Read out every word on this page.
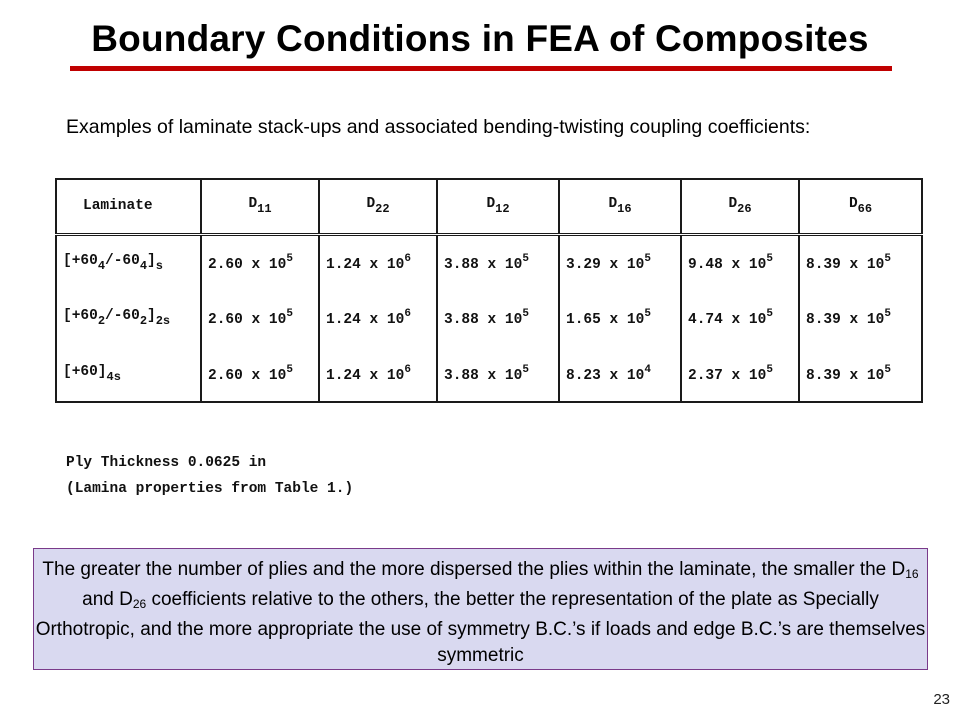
Boundary Conditions in FEA of Composites
Examples of laminate stack-ups and associated bending-twisting coupling coefficients:
Laminate	$D_{11}$	$D_{22}$	$D_{12}$	$D_{16}$	$D_{26}$	$D_{66}$
$[+60_4/-60_4]_s$	2.60 x $10^5$	1.24 x $10^6$	3.88 x $10^5$	3.29 x $10^5$	9.48 x $10^5$	8.39 x $10^5$
$[+60_2/-60_2]_{2s}$	2.60 x $10^5$	1.24 x $10^6$	3.88 x $10^5$	1.65 x $10^5$	4.74 x $10^5$	8.39 x $10^5$
$[+60]_{4s}$	2.60 x $10^5$	1.24 x $10^6$	3.88 x $10^5$	8.23 x $10^4$	2.37 x $10^5$	8.39 x $10^5$
Ply Thickness 0.0625 in
(Lamina properties from Table 1.)
The greater the number of plies and the more dispersed the plies within the laminate, the smaller the $D_{16}$ and $D_{26}$ coefficients relative to the others, the better the representation of the plate as Specially Orthotropic, and the more appropriate the use of symmetry B.C.’s if loads and edge B.C.’s are themselves symmetric
23
